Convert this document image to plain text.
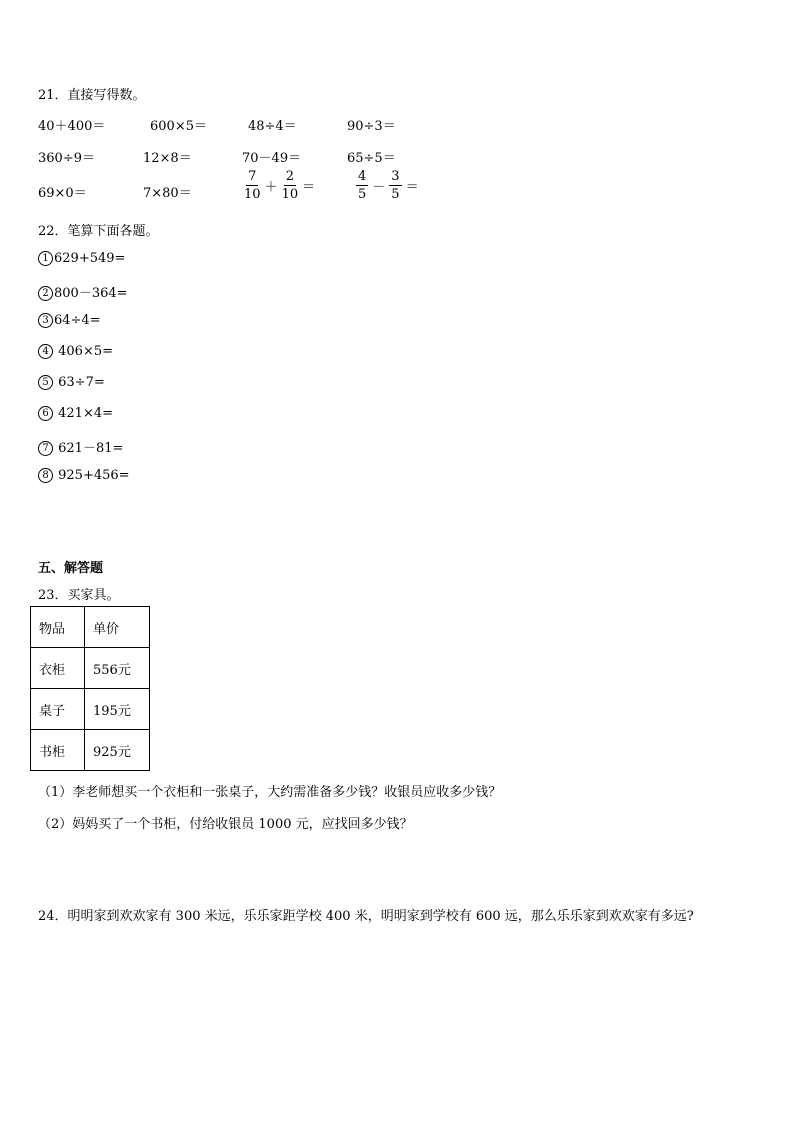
21．直接写得数。
40＋400＝	600×5＝	48÷4＝	90÷3＝
360÷9＝	12×8＝	70－49＝	65÷5＝
69×0＝	7×80＝	$\frac{7}{10} + \frac{2}{10}$ ＝	$\frac{4}{5} - \frac{3}{5}$ ＝
22．笔算下面各题。
1 629+549=
2 800－364=
3 64÷4=
4 406×5=
5 63÷7=
6 421×4=
7 621－81=
8 925+456=
五、解答题
23．买家具。
物品	单价
衣柜	556元
桌子	195元
书柜	925元
（1）李老师想买一个衣柜和一张桌子，大约需准备多少钱？收银员应收多少钱？
（2）妈妈买了一个书柜，付给收银员 1000 元，应找回多少钱？
24．明明家到欢欢家有 300 米远，乐乐家距学校 400 米，明明家到学校有 600 远，那么乐乐家到欢欢家有多远?
